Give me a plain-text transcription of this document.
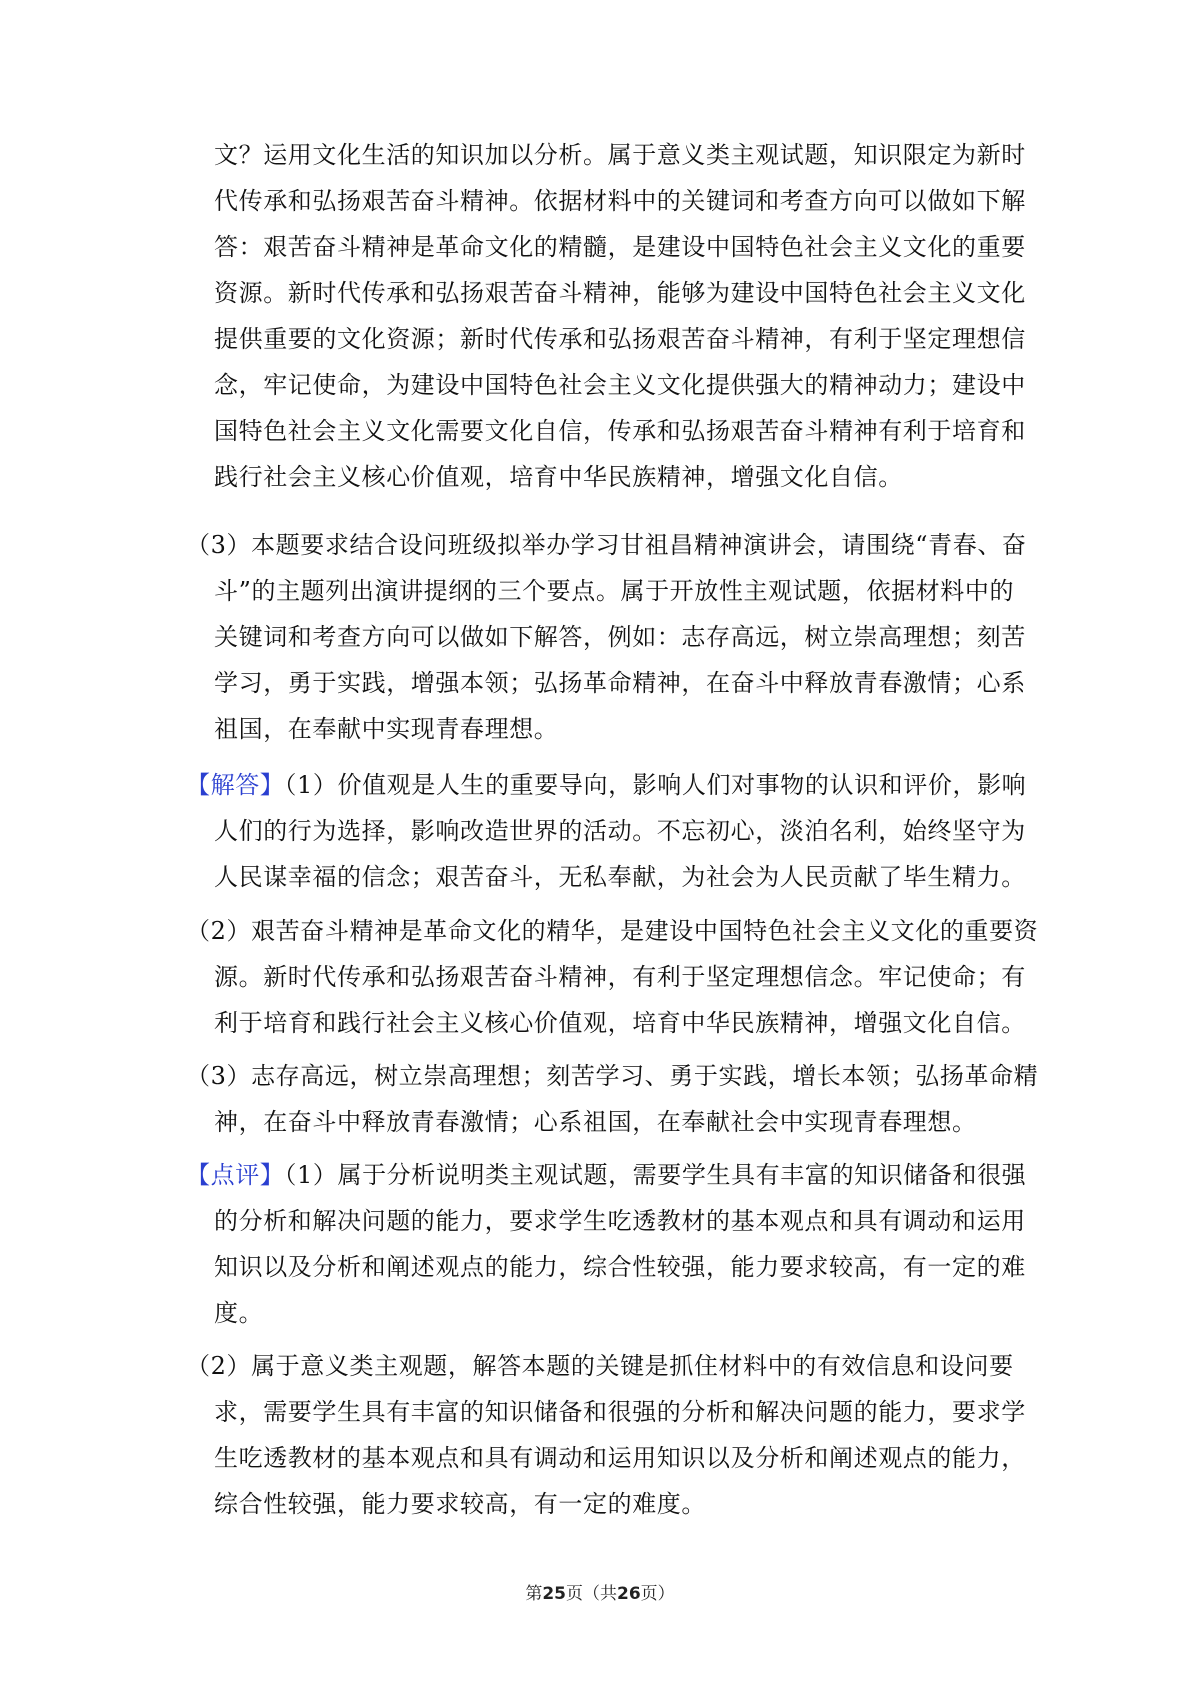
文？运用文化生活的知识加以分析。属于意义类主观试题，知识限定为新时
代传承和弘扬艰苦奋斗精神。依据材料中的关键词和考查方向可以做如下解
答：艰苦奋斗精神是革命文化的精髓，是建设中国特色社会主义文化的重要
资源。新时代传承和弘扬艰苦奋斗精神，能够为建设中国特色社会主义文化
提供重要的文化资源；新时代传承和弘扬艰苦奋斗精神，有利于坚定理想信
念，牢记使命，为建设中国特色社会主义文化提供强大的精神动力；建设中
国特色社会主义文化需要文化自信，传承和弘扬艰苦奋斗精神有利于培育和
践行社会主义核心价值观，培育中华民族精神，增强文化自信。
（3）本题要求结合设问班级拟举办学习甘祖昌精神演讲会，请围绕“青春、奋
斗”的主题列出演讲提纲的三个要点。属于开放性主观试题，依据材料中的
关键词和考查方向可以做如下解答，例如：志存高远，树立崇高理想；刻苦
学习，勇于实践，增强本领；弘扬革命精神，在奋斗中释放青春激情；心系
祖国，在奉献中实现青春理想。
【解答】（1）价值观是人生的重要导向，影响人们对事物的认识和评价，影响
人们的行为选择，影响改造世界的活动。不忘初心，淡泊名利，始终坚守为
人民谋幸福的信念；艰苦奋斗，无私奉献，为社会为人民贡献了毕生精力。
（2）艰苦奋斗精神是革命文化的精华，是建设中国特色社会主义文化的重要资
源。新时代传承和弘扬艰苦奋斗精神，有利于坚定理想信念。牢记使命；有
利于培育和践行社会主义核心价值观，培育中华民族精神，增强文化自信。
（3）志存高远，树立崇高理想；刻苦学习、勇于实践，增长本领；弘扬革命精
神，在奋斗中释放青春激情；心系祖国，在奉献社会中实现青春理想。
【点评】（1）属于分析说明类主观试题，需要学生具有丰富的知识储备和很强
的分析和解决问题的能力，要求学生吃透教材的基本观点和具有调动和运用
知识以及分析和阐述观点的能力，综合性较强，能力要求较高，有一定的难
度。
（2）属于意义类主观题，解答本题的关键是抓住材料中的有效信息和设问要
求，需要学生具有丰富的知识储备和很强的分析和解决问题的能力，要求学
生吃透教材的基本观点和具有调动和运用知识以及分析和阐述观点的能力，
综合性较强，能力要求较高，有一定的难度。
第25页（共26页）
